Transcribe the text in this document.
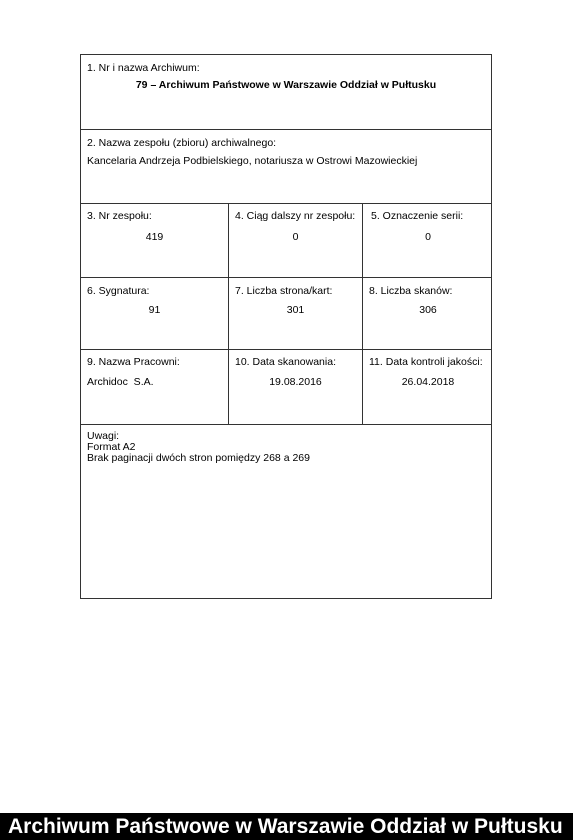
1. Nr i nazwa Archiwum:
79 – Archiwum Państwowe w Warszawie Oddział w Pułtusku
2. Nazwa zespołu (zbioru) archiwalnego:
Kancelaria Andrzeja Podbielskiego, notariusza w Ostrowi Mazowieckiej
3. Nr zespołu:
419
4. Ciąg dalszy nr zespołu:
0
5. Oznaczenie serii:
0
6. Sygnatura:
91
7. Liczba strona/kart:
301
8. Liczba skanów:
306
9. Nazwa Pracowni:
Archidoc  S.A.
10. Data skanowania:
19.08.2016
11. Data kontroli jakości:
26.04.2018
Uwagi:
Format A2
Brak paginacji dwóch stron pomiędzy 268 a 269
Archiwum Państwowe w Warszawie Oddział w Pułtusku
